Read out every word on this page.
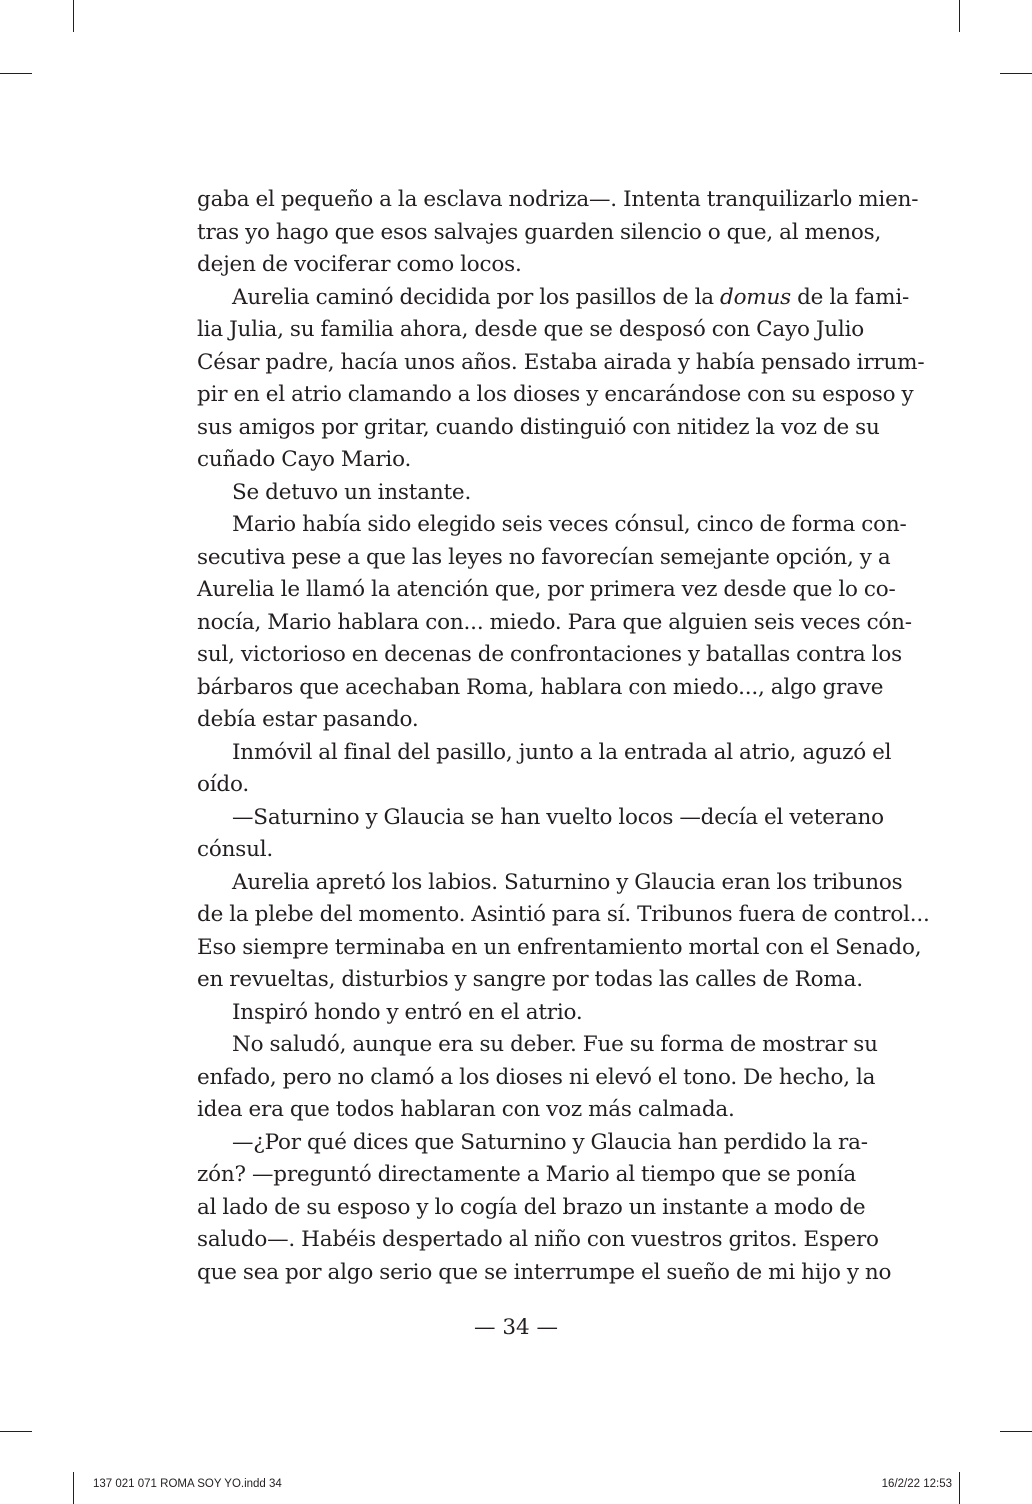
gaba el pequeño a la esclava nodriza—. Intenta tranquilizarlo mien-
tras yo hago que esos salvajes guarden silencio o que, al menos,
dejen de vociferar como locos.
Aurelia caminó decidida por los pasillos de la domus de la fami-
lia Julia, su familia ahora, desde que se desposó con Cayo Julio
César padre, hacía unos años. Estaba airada y había pensado irrum-
pir en el atrio clamando a los dioses y encarándose con su esposo y
sus amigos por gritar, cuando distinguió con nitidez la voz de su
cuñado Cayo Mario.
Se detuvo un instante.
Mario había sido elegido seis veces cónsul, cinco de forma con-
secutiva pese a que las leyes no favorecían semejante opción, y a
Aurelia le llamó la atención que, por primera vez desde que lo co-
nocía, Mario hablara con... miedo. Para que alguien seis veces cón-
sul, victorioso en decenas de confrontaciones y batallas contra los
bárbaros que acechaban Roma, hablara con miedo..., algo grave
debía estar pasando.
Inmóvil al final del pasillo, junto a la entrada al atrio, aguzó el
oído.
—Saturnino y Glaucia se han vuelto locos —decía el veterano
cónsul.
Aurelia apretó los labios. Saturnino y Glaucia eran los tribunos
de la plebe del momento. Asintió para sí. Tribunos fuera de control...
Eso siempre terminaba en un enfrentamiento mortal con el Senado,
en revueltas, disturbios y sangre por todas las calles de Roma.
Inspiró hondo y entró en el atrio.
No saludó, aunque era su deber. Fue su forma de mostrar su
enfado, pero no clamó a los dioses ni elevó el tono. De hecho, la
idea era que todos hablaran con voz más calmada.
—¿Por qué dices que Saturnino y Glaucia han perdido la ra-
zón? —preguntó directamente a Mario al tiempo que se ponía
al lado de su esposo y lo cogía del brazo un instante a modo de
saludo—. Habéis despertado al niño con vuestros gritos. Espero
que sea por algo serio que se interrumpe el sueño de mi hijo y no
— 34 —
137 021 071 ROMA SOY YO.indd 34	16/2/22 12:53
